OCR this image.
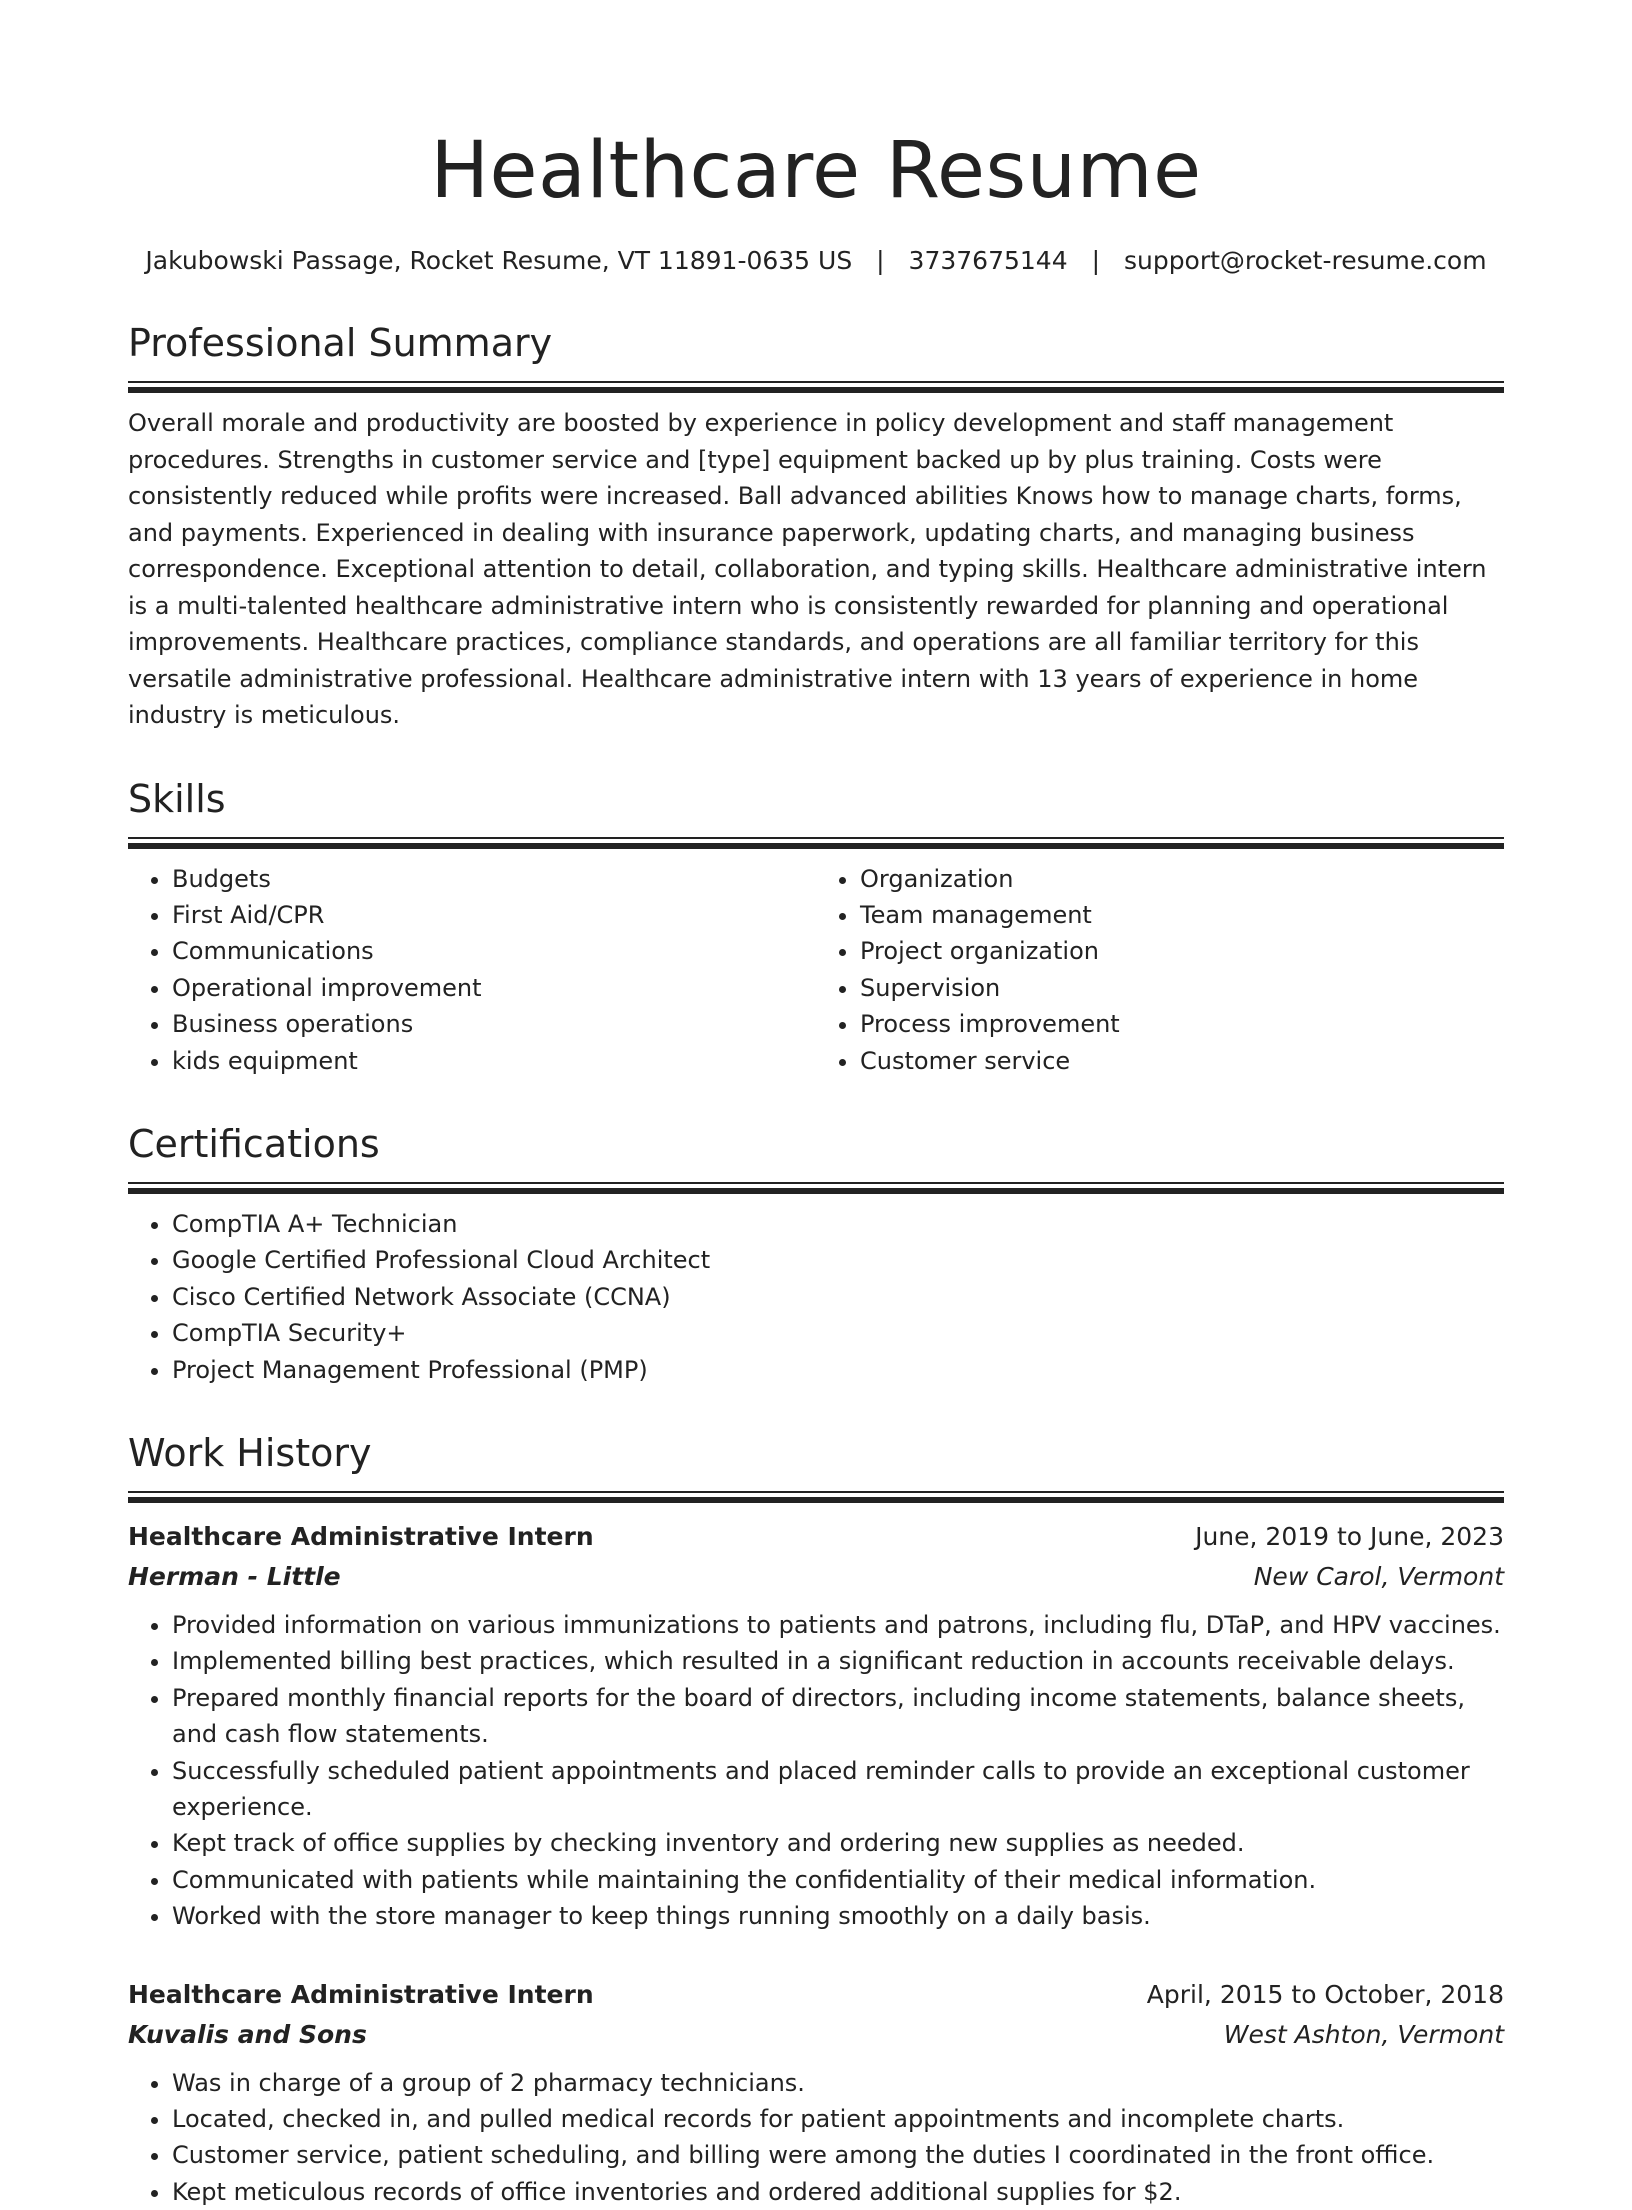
Healthcare Resume
Jakubowski Passage, Rocket Resume, VT 11891-0635 US | 3737675144 | support@rocket-resume.com
Professional Summary
Overall morale and productivity are boosted by experience in policy development and staff management procedures. Strengths in customer service and [type] equipment backed up by plus training. Costs were consistently reduced while profits were increased. Ball advanced abilities Knows how to manage charts, forms, and payments. Experienced in dealing with insurance paperwork, updating charts, and managing business correspondence. Exceptional attention to detail, collaboration, and typing skills. Healthcare administrative intern is a multi-talented healthcare administrative intern who is consistently rewarded for planning and operational improvements. Healthcare practices, compliance standards, and operations are all familiar territory for this versatile administrative professional. Healthcare administrative intern with 13 years of experience in home industry is meticulous.
Skills
• Budgets
• First Aid/CPR
• Communications
• Operational improvement
• Business operations
• kids equipment
• Organization
• Team management
• Project organization
• Supervision
• Process improvement
• Customer service
Certifications
• CompTIA A+ Technician
• Google Certified Professional Cloud Architect
• Cisco Certified Network Associate (CCNA)
• CompTIA Security+
• Project Management Professional (PMP)
Work History
Healthcare Administrative Intern	June, 2019 to June, 2023
Herman - Little	New Carol, Vermont
• Provided information on various immunizations to patients and patrons, including flu, DTaP, and HPV vaccines.
• Implemented billing best practices, which resulted in a significant reduction in accounts receivable delays.
• Prepared monthly financial reports for the board of directors, including income statements, balance sheets, and cash flow statements.
• Successfully scheduled patient appointments and placed reminder calls to provide an exceptional customer experience.
• Kept track of office supplies by checking inventory and ordering new supplies as needed.
• Communicated with patients while maintaining the confidentiality of their medical information.
• Worked with the store manager to keep things running smoothly on a daily basis.
Healthcare Administrative Intern	April, 2015 to October, 2018
Kuvalis and Sons	West Ashton, Vermont
• Was in charge of a group of 2 pharmacy technicians.
• Located, checked in, and pulled medical records for patient appointments and incomplete charts.
• Customer service, patient scheduling, and billing were among the duties I coordinated in the front office.
• Kept meticulous records of office inventories and ordered additional supplies for $2.
